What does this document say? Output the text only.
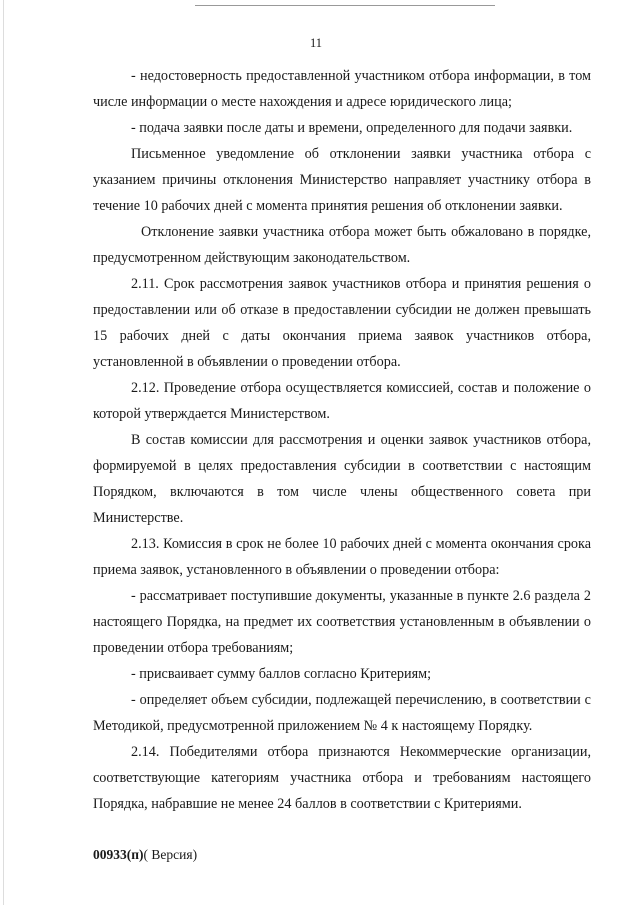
11

- недостоверность предоставленной участником отбора информации, в том числе информации о месте нахождения и адресе юридического лица;

- подача заявки после даты и времени, определенного для подачи заявки.

Письменное уведомление об отклонении заявки участника отбора с указанием причины отклонения Министерство направляет участнику отбора в течение 10 рабочих дней с момента принятия решения об отклонении заявки.

Отклонение заявки участника отбора может быть обжаловано в порядке, предусмотренном действующим законодательством.

2.11. Срок рассмотрения заявок участников отбора и принятия решения о предоставлении или об отказе в предоставлении субсидии не должен превышать 15 рабочих дней с даты окончания приема заявок участников отбора, установленной в объявлении о проведении отбора.

2.12. Проведение отбора осуществляется комиссией, состав и положение о которой утверждается Министерством.

В состав комиссии для рассмотрения и оценки заявок участников отбора, формируемой в целях предоставления субсидии в соответствии с настоящим Порядком, включаются в том числе члены общественного совета при Министерстве.

2.13. Комиссия в срок не более 10 рабочих дней с момента окончания срока приема заявок, установленного в объявлении о проведении отбора:

- рассматривает поступившие документы, указанные в пункте 2.6 раздела 2 настоящего Порядка, на предмет их соответствия установленным в объявлении о проведении отбора требованиям;

- присваивает сумму баллов согласно Критериям;

- определяет объем субсидии, подлежащей перечислению, в соответствии с Методикой, предусмотренной приложением № 4 к настоящему Порядку.

2.14. Победителями отбора признаются Некоммерческие организации, соответствующие категориям участника отбора и требованиям настоящего Порядка, набравшие не менее 24 баллов в соответствии с Критериями.

00933(п)( Версия)
